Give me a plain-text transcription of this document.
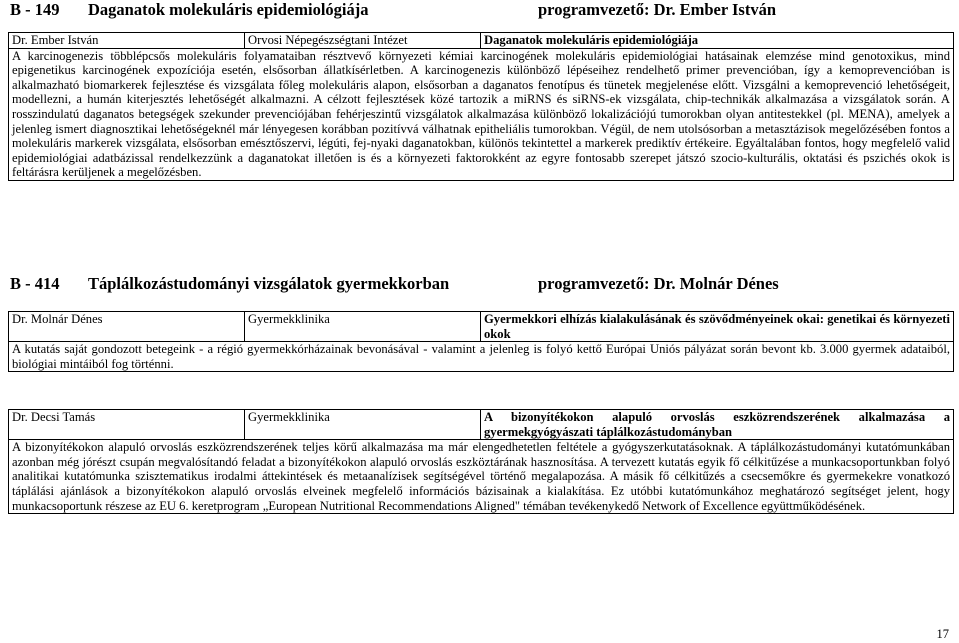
B - 149 Daganatok molekuláris epidemiológiája	programvezető: Dr. Ember István
Dr. Ember István	Orvosi Népegészségtani Intézet	Daganatok molekuláris epidemiológiája
A karcinogenezis többlépcsős molekuláris folyamataiban résztvevő környezeti kémiai karcinogének molekuláris epidemiológiai hatásainak elemzése mind genotoxikus, mind epigenetikus karcinogének expozíciója esetén, elsősorban állatkísérletben. A karcinogenezis különböző lépéseihez rendelhető primer prevencióban, így a kemoprevencióban is alkalmazható biomarkerek fejlesztése és vizsgálata főleg molekuláris alapon, elsősorban a daganatos fenotípus és tünetek megjelenése előtt. Vizsgálni a kemoprevenció lehetőségeit, modellezni, a humán kiterjesztés lehetőségét alkalmazni. A célzott fejlesztések közé tartozik a miRNS és siRNS-ek vizsgálata, chip-technikák alkalmazása a vizsgálatok során. A rosszindulatú daganatos betegségek szekunder prevenciójában fehérjeszintű vizsgálatok alkalmazása különböző lokalizációjú tumorokban olyan antitestekkel (pl. MENA), amelyek a jelenleg ismert diagnosztikai lehetőségeknél már lényegesen korábban pozitívvá válhatnak epitheliális tumorokban. Végül, de nem utolsósorban a metasztázisok megelőzésében fontos a molekuláris markerek vizsgálata, elsősorban emésztőszervi, légúti, fej-nyaki daganatokban, különös tekintettel a markerek prediktív értékeire. Egyáltalában fontos, hogy megfelelő valid epidemiológiai adatbázissal rendelkezzünk a daganatokat illetően is és a környezeti faktorokként az egyre fontosabb szerepet játszó szocio-kulturális, oktatási és pszichés okok is feltárásra kerüljenek a megelőzésben.
B - 414 Táplálkozástudományi vizsgálatok gyermekkorban	programvezető: Dr. Molnár Dénes
Dr. Molnár Dénes	Gyermekklinika	Gyermekkori elhízás kialakulásának és szövődményeinek okai: genetikai és környezeti okok
A kutatás saját gondozott betegeink - a régió gyermekkórházainak bevonásával - valamint a jelenleg is folyó kettő Európai Uniós pályázat során bevont kb. 3.000 gyermek adataiból, biológiai mintáiból fog történni.
Dr. Decsi Tamás	Gyermekklinika	A bizonyítékokon alapuló orvoslás eszközrendszerének alkalmazása a gyermekgyógyászati táplálkozástudományban
A bizonyítékokon alapuló orvoslás eszközrendszerének teljes körű alkalmazása ma már elengedhetetlen feltétele a gyógyszerkutatásoknak. A táplálkozástudományi kutatómunkában azonban még jórészt csupán megvalósítandó feladat a bizonyítékokon alapuló orvoslás eszköztárának hasznosítása. A tervezett kutatás egyik fő célkitűzése a munkacsoportunkban folyó analitikai kutatómunka szisztematikus irodalmi áttekintések és metaanalízisek segítségével történő megalapozása. A másik fő célkitűzés a csecsemőkre és gyermekekre vonatkozó táplálási ajánlások a bizonyítékokon alapuló orvoslás elveinek megfelelő információs bázisainak a kialakítása. Ez utóbbi kutatómunkához meghatározó segítséget jelent, hogy munkacsoportunk részese az EU 6. keretprogram „European Nutritional Recommendations Aligned" témában tevékenykedő Network of Excellence együttműködésének.
17
